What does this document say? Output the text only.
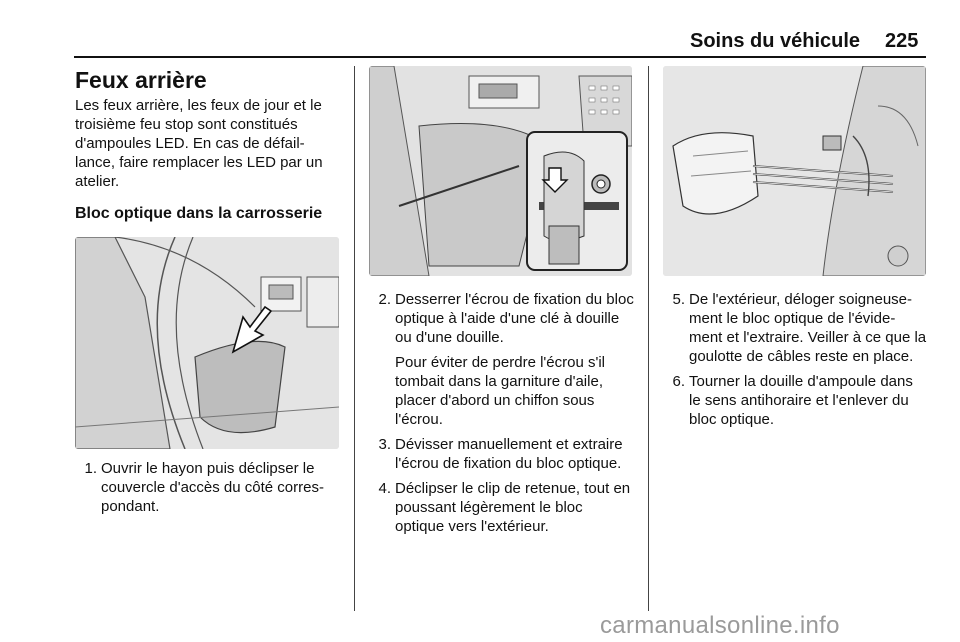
Soins du véhicule 225
Feux arrière

Les feux arrière, les feux de jour et le troisième feu stop sont constitués d'ampoules LED. En cas de défail-lance, faire remplacer les LED par un atelier.

Bloc optique dans la carrosserie
1. Ouvrir le hayon puis déclipser le couvercle d'accès du côté corres-pondant.

2. Desserrer l'écrou de fixation du bloc optique à l'aide d'une clé à douille ou d'une douille.

Pour éviter de perdre l'écrou s'il tombait dans la garniture d'aile, placer d'abord un chiffon sous l'écrou.

3. Dévisser manuellement et extraire l'écrou de fixation du bloc optique.

4. Déclipser le clip de retenue, tout en poussant légèrement le bloc optique vers l'extérieur.

5. De l'extérieur, déloger soigneuse-ment le bloc optique de l'évide-ment et l'extraire. Veiller à ce que la goulotte de câbles reste en place.

6. Tourner la douille d'ampoule dans le sens antihoraire et l'enlever du bloc optique.

carmanualsonline.info
